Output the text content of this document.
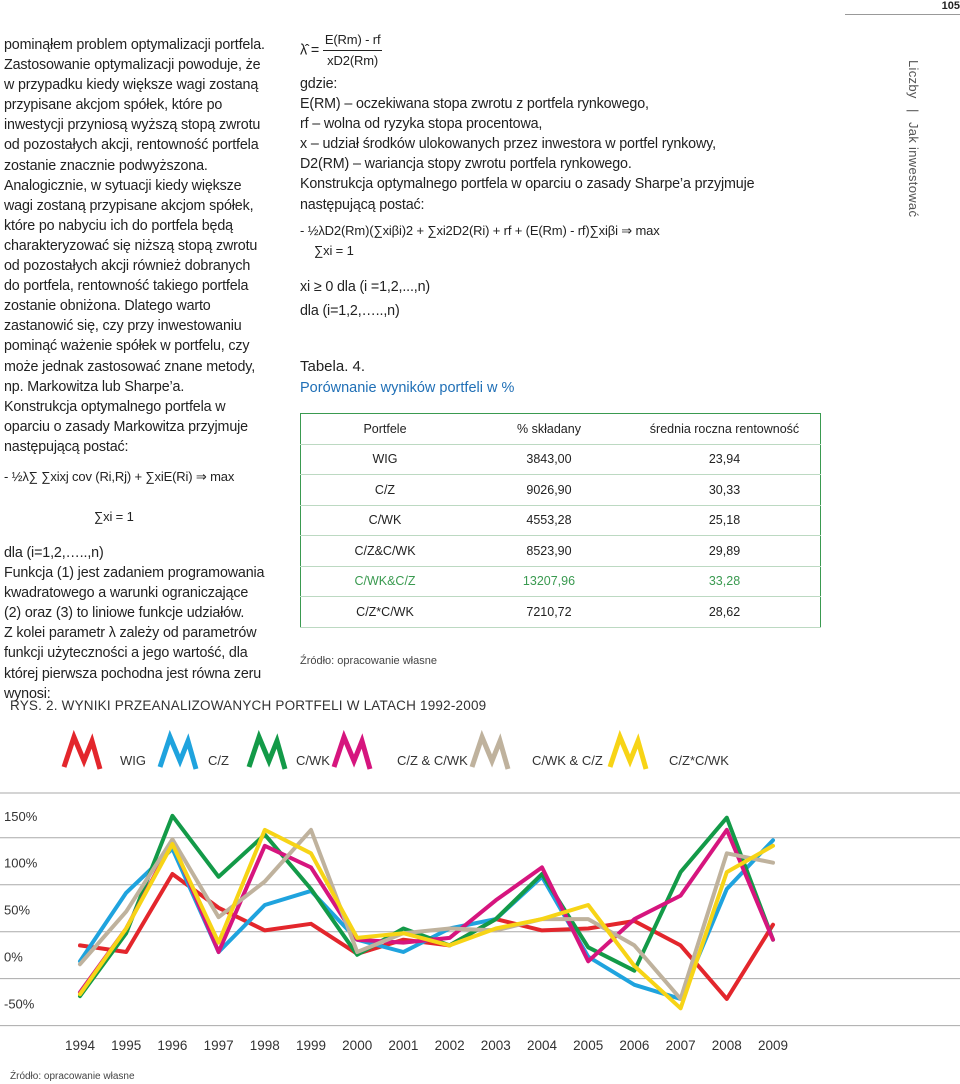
105
Liczby
|
Jak inwestować

pominąłem problem optymalizacji portfela. Zastosowanie optymalizacji powoduje, że w przypadku kiedy większe wagi zostaną przypisane akcjom spółek, które po inwestycji przyniosą wyższą stopą zwrotu od pozostałych akcji, rentowność portfela zostanie znacznie podwyższona. Analogicznie, w sytuacji kiedy większe wagi zostaną przypisane akcjom spółek, które po nabyciu ich do portfela będą charakteryzować się niższą stopą zwrotu od pozostałych akcji również dobranych do portfela, rentowność takiego portfela zostanie obniżona. Dlatego warto zastanowić się, czy przy inwestowaniu pominąć ważenie spółek w portfelu, czy może jednak zastosować znane metody, np. Markowitza lub Sharpe’a.

Konstrukcja optymalnego portfela w oparciu o zasady Markowitza przyjmuje następującą postać:

- ½λ∑ ∑xixj cov (Ri,Rj) + ∑xiE(Ri) ⇒ max
∑xi = 1

dla (i=1,2,…..,n)

Funkcja (1) jest zadaniem programowania kwadratowego a warunki ograniczające (2) oraz (3) to liniowe funkcje udziałów.

Z kolei parametr λ zależy od parametrów funkcji użyteczności a jego wartość, dla której pierwsza pochodna jest równa zeru wynosi:

λ̂ = $\frac{E(Rm) - rf}{xD2(Rm)}$

gdzie:

E(RM) – oczekiwana stopa zwrotu z portfela rynkowego,

rf – wolna od ryzyka stopa procentowa,

x – udział środków ulokowanych przez inwestora w portfel rynkowy,

D2(RM) – wariancja stopy zwrotu portfela rynkowego.

Konstrukcja optymalnego portfela w oparciu o zasady Sharpe’a przyjmuje następującą postać:

- ½λD2(Rm)(∑xiβi)2 + ∑xi2D2(Ri) + rf + (E(Rm) - rf)∑xiβi ⇒ max
∑xi = 1

xi ≥ 0 dla (i =1,2,...,n)

dla (i=1,2,…..,n)

Tabela. 4.
Porównanie wyników portfeli w %
Portfele	% składany	średnia roczna rentowność
WIG	3843,00	23,94
C/Z	9026,90	30,33
C/WK	4553,28	25,18
C/Z&C/WK	8523,90	29,89
C/WK&C/Z	13207,96	33,28
C/Z*C/WK	7210,72	28,62
Źródło: opracowanie własne
RYS. 2. WYNIKI PRZEANALIZOWANYCH PORTFELI W LATACH 1992-2009
WIG	C/Z	C/WK	C/Z & C/WK	C/WK & C/Z	C/Z*C/WK
150%
100%
50%
0%
-50%
1994 1995 1996 1997 1998 1999 2000 2001 2002 2003 2004 2005 2006 2007 2008 2009
Źródło: opracowanie własne
